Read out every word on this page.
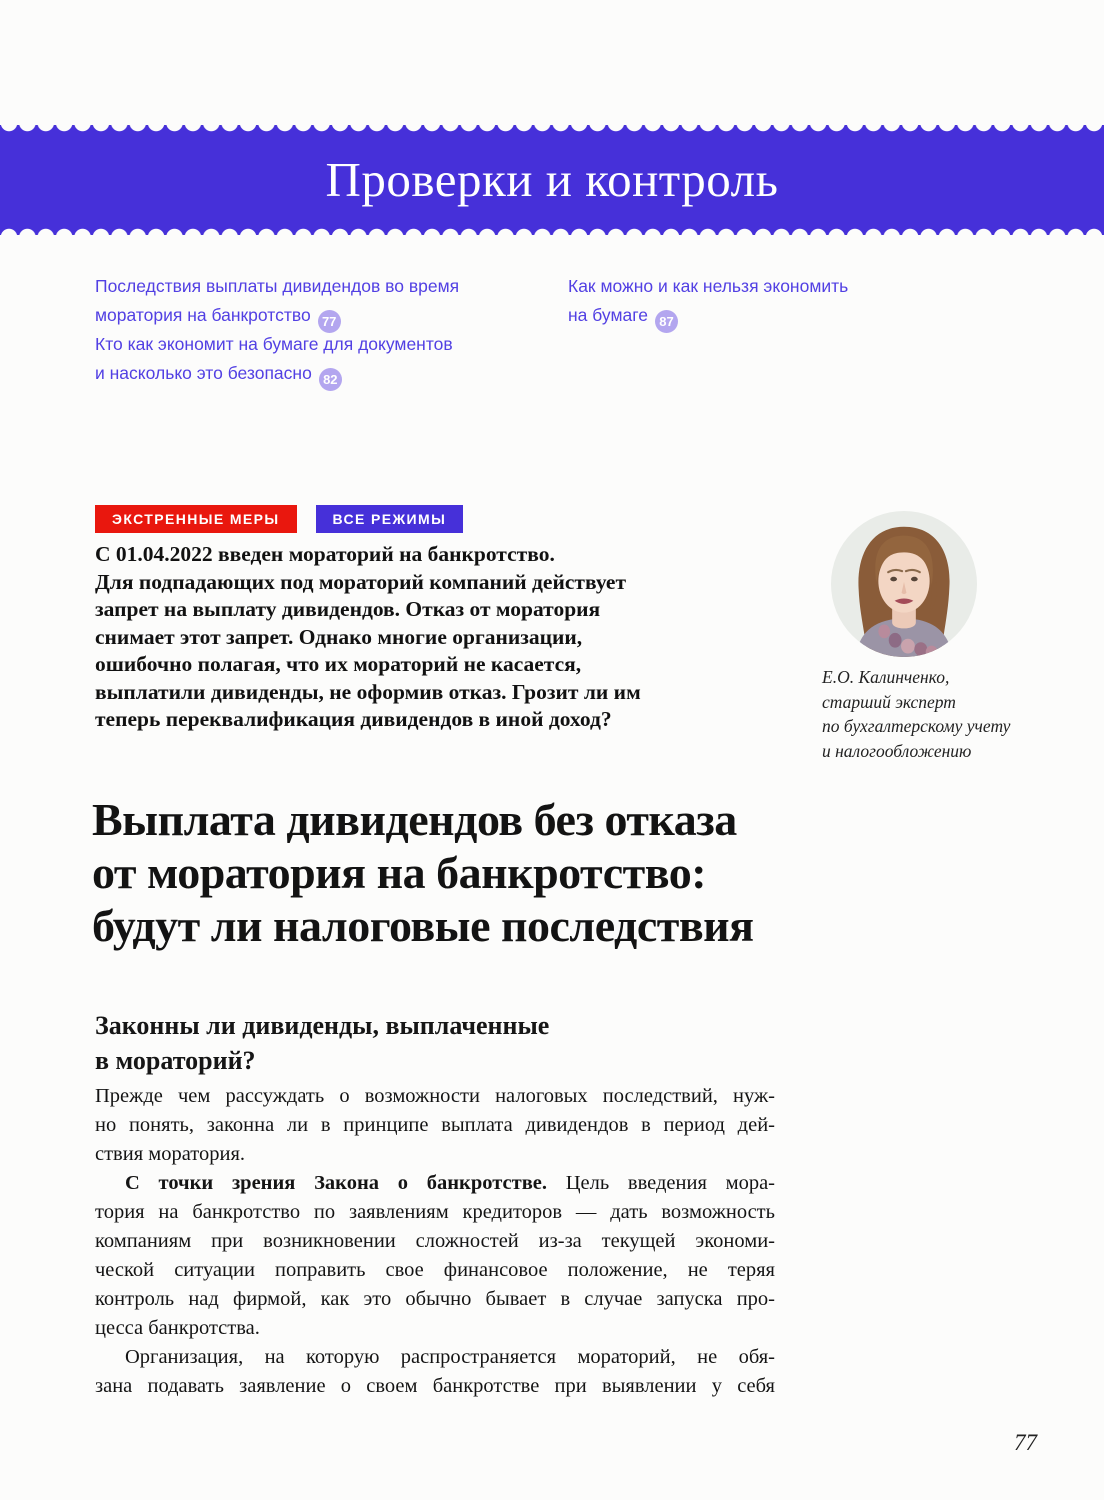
Проверки и контроль
Последствия выплаты дивидендов во время
моратория на банкротство 77
Кто как экономит на бумаге для документов
и насколько это безопасно 82
Как можно и как нельзя экономить
на бумаге 87
ЭКСТРЕННЫЕ МЕРЫ	ВСЕ РЕЖИМЫ
С 01.04.2022 введен мораторий на банкротство.
Для подпадающих под мораторий компаний действует
запрет на выплату дивидендов. Отказ от моратория
снимает этот запрет. Однако многие организации,
ошибочно полагая, что их мораторий не касается,
выплатили дивиденды, не оформив отказ. Грозит ли им
теперь переквалификация дивидендов в иной доход?
Е.О. Калинченко,
старший эксперт
по бухгалтерскому учету
и налогообложению
Выплата дивидендов без отказа
от моратория на банкротство:
будут ли налоговые последствия
Законны ли дивиденды, выплаченные
в мораторий?
Прежде чем рассуждать о возможности налоговых последствий, нуж-
но понять, законна ли в принципе выплата дивидендов в период дей-
ствия моратория.
С точки зрения Закона о банкротстве. Цель введения мора-
тория на банкротство по заявлениям кредиторов — дать возможность
компаниям при возникновении сложностей из-за текущей экономи-
ческой ситуации поправить свое финансовое положение, не теряя
контроль над фирмой, как это обычно бывает в случае запуска про-
цесса банкротства.
Организация, на которую распространяется мораторий, не обя-
зана подавать заявление о своем банкротстве при выявлении у себя
77
